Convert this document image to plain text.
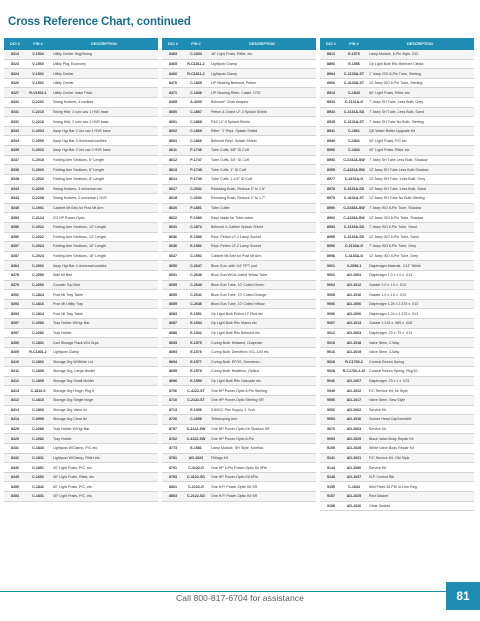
Cross Reference Chart, continued
DCI #	P/N #	DESCRIPTION
8313	V-1504	Utility Center Hsg/Swing
8323	V-1560	Utility Pkg, Economy
8324	V-1502	Utility Center
8326	V-1502	Utility Center
8327	R-V1502-1	Utility Center Valve Pack
8331	C-2202	Swing Holders, 4 cavities
8331	C-2210	Swing Hldr, 3 univ cav 1 HVE base
8331	C-2218	Swing Hldr, 2 univ cav 2 HVE base
8333	C-2004	Asep Hgr Bar 2 Uni cav 1 HVE base
8334	C-2000	Asep Hgr Bar 3 Universal cavities
8335	C-2010	Asep Hgr Bar 2 Uni cav 2 HVE base
8337	C-2018	Folding Arm Sections, 6" Length
8338	C-2020	Folding Arm Sections, 8" Length
8338	C-2020	Folding Arm Sections, 8" Length
8343	C-2200	Swing Holders, 3 universal cav
8343	C-2208	Swing Holders, 2 universal 1 HVE
8345	C-1901	Cabinet Mt Brkt for Post Mt Arm
8353	C-2124	2/3 HP Power-Optic
8356	C-2022	Folding Arm Sections, 12" Length
8356	C-2022	Folding Arm Sections, 12" Length
8357	C-2024	Folding Arm Sections, 16" Length
8357	C-2024	Folding Arm Sections, 16" Length
8364	C-2002	Asep Hgr Bar 4 Universal cavities
8378	C-2050	Wall Mt Brkt
8379	C-2060	Counter Top Brkt
8392	C-1824	Post Mt Tray Table
8393	C-1816	Post Mt Utility Tray
8393	C-1824	Post Mt Tray Table
8397	C-2080	Tray Holder W/Hgr Bar
8397	C-2082	Tray Holder
8450	C-1801	Cart Storage Rack W/4 Drps
8409	R-C1801-2	Lightpost Clamp
8410	C-1802	Storage Drg W/White Lid
8411	C-1808	Storage Drg, Large divider
8412	C-1809	Storage Drg Small divider
8413	C-1810-0	Storage Drg Hinge, Pkg 0
8412	C-1810	Storage Drg Single hinge
8414	C-1803	Storage Drg Valve lid
8414	C-0999	Storage Drg Clear lid
8429	C-2080	Tray Holder W/Hgr Bar
8429	C-2082	Tray Holder
8431	C-1830	Lightpost W/Clamp, P/C etc.
8432	C-1831	Lightpost W/Clamp, Ritter etc.
8440	C-1851	40" Light Posts, P/C, etc.
8449	C-1652	40" Light Posts, Ritter, etc.
8450	C-1842	60" Light Posts, P/C, etc.
8453	C-1831	40" Light Posts, P/C, etc.
DCI #	P/N #	DESCRIPTION
8453	C-1833	48" Light Posts, Ritter, etc.
8465	R-C1811-2	Lightpost Clamp
8466	R-C1811-2	Lightpost Clamp
8470	C-1825	L/P Bearing Belmont, Pelton
8471	C-1836	L/P Bearing Ritter, Castle, DTE
8495	A-4200	Belmont* Chair Adaptor
8600	C-1867	Pelton & Crane LF-II Splash Shield
8601	C-1868	P&C LF-II Splash Shield
8602	C-1869	Ritter "J" Repl. Splash Shield
8603	C-1866	Belmont Repl. Splash Shield
8611	P-1746	Tube Cuffs, 5/8" ID Cuff
8612	P-1747	Tube Cuffs, 3/4" ID Cuff
8613	P-1748	Tube Cuffs, 1" ID Cuff
8614	P-1749	Tube Cuffs, 1-1/4" ID Cuff
8617	C-2031	Reducing Bush, Reduce 2" to 1.5"
8618	C-2032	Reducing Bush, Reduce 2" to 1.7"
8620	P-1851	Tube Cutter
8622	P-1080	Repl. blade for Tube cutter
8631	C-1872	Belmont X-Caliber Splash Shield
8636	E-1580	Repl. Pelton LF-1 Lamp Socket
8636	E-1582	Repl. Pelton LF-2 Lamp Socket
8647	C-1951	Cabinet Mt Brkt for Post Mt Arm
8650	C-2647	Blow Gun, with 1/4" FPT port
8651	C-2646	Blow Gun,W/16' coiled Yellow Tube
8655	C-2640	Blow Gun Tube, 10' Coiled Green
8655	C-2641	Blow Gun Tube, 10' Coiled Orange
8655	C-2646	Blow Gun Tube, 10' Coiled Yellow
8683	E-1551	Op Light Bulb Pelton LF Plus etc
8687	E-1534	Op Light Bulb Ritc Marus etc
8688	E-1532	Op Light Bulb Ritc Belmont etc
8693	E-1575	Curing Bulb: Midwest, Chapman
8693	E-1576	Curing Bulb: Demetron VCL-100 etc
8694	E-1577	Curing Bulb: EFOS, Demetron...
8695	E-1578	Curing Bulb: Healthco, Optilux
8696	E-1550	Op Light Bulb Ritc Cascade etc
8706	C-4122-ST	One HP Power-Optic 6-Pin Sterling
8710	C-2122-ST	One HP Power-Optic Sterling SR
8713	E-1406	3.8VDC Pwr Supply, 1.7mA
8726	C-1906	Telescoping Arm
8757	C-2122-SW	One HP Power-Optic Kit Shadow SR
8762	C-4122-SW	One HP Power-Optic 6-Pin
8773	E-1581	Lamp Module, SH Style, Kinetics
8781	AD-1023	Fittings Kit
8791	C-4122-G	One HP 6-Pin Power-Optic Kit 6Pin
8793	C-4122-SD	One HP Power-Optic Kit 6Pin
8801	C-2122-G	One H.P. Power-Optic Kit SR
8803	C-2122-SD	One H.P. Power-Optic Kit SR
DCI #	P/N #	DESCRIPTION
8813	E-1579	Lamp Module, 6-Pin Style, DCI
8893	E-1556	Op Light Bulb Ritc Belmont Clesta
8904	C-2133A-ST	1" Asep ISO 6-Pin Tube, Sterling
8906	C-4133A-ST	12' Asep ISO 6-Pin Tube, Sterling
8914	C-1843	60" Light Posts, Ritter etc.
8933	C-2131A-G	7' Asep SH Tube, Less Bulb, Grey
8934	C-2131A-SD	7' Asep SH Tube, Less Bulb, Sand
8935	C-2131A-ST	7' Asep SH Tube No Bulb, Sterling
8941	C-1861	QD Water Bottle Upgrade Kit
8949	C-1831	40" Light Posts, P/C etc
8950	C-1832	40" Light Posts, Ritter etc
8953	C-2131A-SW	7' Asep SH Tube Less Bulb, Shadow
8955	C-4131A-SW	12' Asep SH Tube Less Bulb Shadow
8977	C-4131A-G	12' Asep SH Tube, Less Bulb, Grey
8978	C-4131A-SD	12' Asep SH Tube, Less Bulb, Sand
8979	C-4131A-ST	12' Asep SH Tube No Bulb Sterling
8990	C-2133A-SW	7' Asep ISO 6-Pin Tube, Shadow
8992	C-4133A-SW	12' Asep ISO 6-Pin Tube, Shadow
8993	C-2133A-SD	7' Asep ISO 6-Pin Tube, Sand
8995	C-4133A-SD	12' Asep ISO 6-Pin Tube, Sand
8996	C-2133A-G	7' Asep ISO 6-Pin Tube, Grey
8998	C-4133A-G	12' Asep ISO 6-Pin Tube, Grey
9001	V-2098-1	Diaphragm Material, .013" Nitrile
9002	AD-1004	Diaphragm 1.0 x 1.0 x .013
9004	AD-1012	Gasket 1.0 x 1.0 x .013
9005	AD-1016	Gasket 1.0 x 1.0 x .013
9006	AD-1006	Diaphragm 1.24 x 2.375 x .013
9006	AD-1006	Diaphragm 1.24 x 2.375 x .013
9007	AD-1013	Gasket 1.218 x .985 x .028
9012	AD-1003	Diaphragm .75 x .75 x .013
9015	AD-1018	Valve Stem, 2-Way
9016	AD-1019	Valve Stem, 3-Way
9028	R-C1760-2	Conical Return Spring
9028	R-C1760-2-10	Conical Return Spring, Pkg/10
9046	AD-1007	Diaphragm .75 x 1 x .013
9049	AD-1022	F/C Service Kit, Nr Style
9050	AD-1017	Valve Stem, New Style
9052	AD-1062	Service Kit
9053	AD-1016	Socket Head CapScrewKit
9070	AD-1003	Service Kit
9093	AD-1029	Black Valve Body Repair Kit
9105	AD-1028	White Valve Body Repair Kit
9141	AD-1021	F/C Service Kit, Old Style
9144	AD-1080	Service Kit
9148	AD-1037	N.P. Control Blk
9155	C-1844	Mini Fixed 35 PSI In-Line Reg
9157	AD-1025	Red Gasket
9158	AD-1026	Clear Gasket
Call 800-817-6704 for assistance	81
